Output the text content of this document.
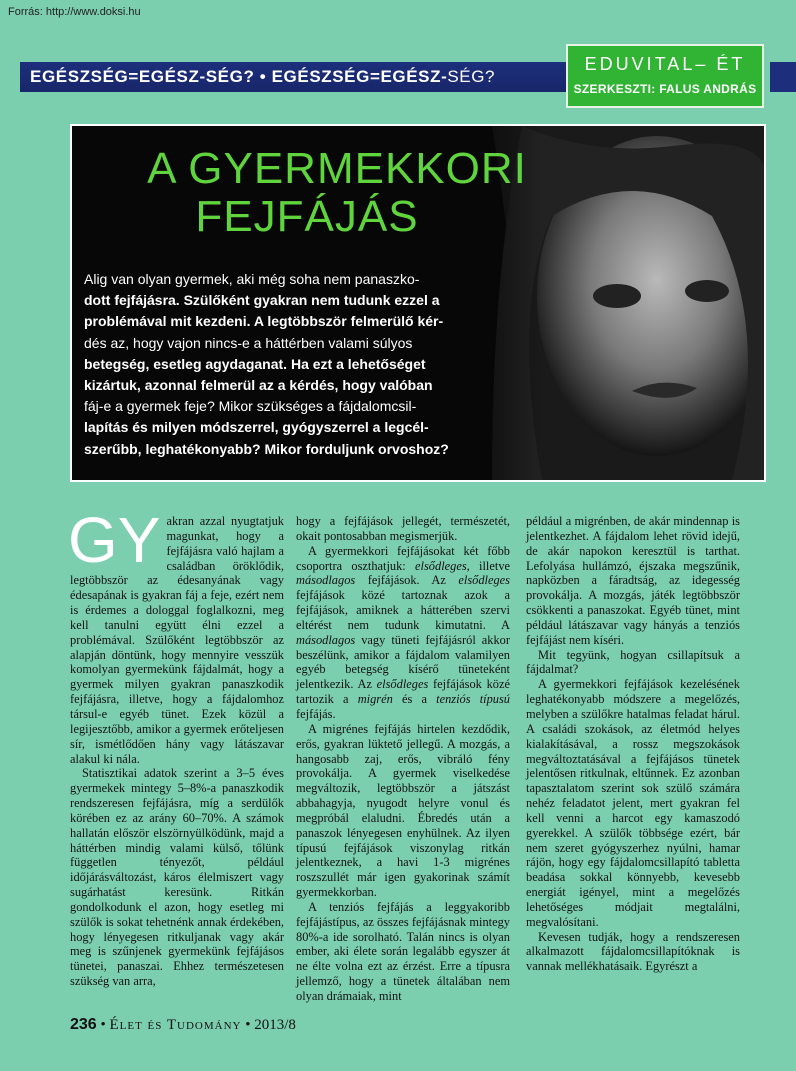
Forrás: http://www.doksi.hu
EGÉSZSÉG=EGÉSZ-SÉG? • EGÉSZSÉG=EGÉSZ-SÉG?
EDUVITAL– ÉT
SZERKESZTI: FALUS ANDRÁS
A GYERMEKKORI
FEJFÁJÁS
Alig van olyan gyermek, aki még soha nem panaszko-
dott fejfájásra. Szülőként gyakran nem tudunk ezzel a
problémával mit kezdeni. A legtöbbször felmerülő kér-
dés az, hogy vajon nincs-e a háttérben valami súlyos
betegség, esetleg agydaganat. Ha ezt a lehetőséget
kizártuk, azonnal felmerül az a kérdés, hogy valóban
fáj-e a gyermek feje? Mikor szükséges a fájdalomcsil-
lapítás és milyen módszerrel, gyógyszerrel a legcél-
szerűbb, leghatékonyabb? Mikor forduljunk orvoshoz?

GY akran azzal nyugtatjuk magunkat, hogy a fejfájásra való hajlam a családban öröklődik, legtöbbször az édesanyának vagy édesapának is gyakran fáj a feje, ezért nem is érdemes a dologgal foglalkozni, meg kell tanulni együtt élni ezzel a problémával. Szülőként legtöbbször az alapján döntünk, hogy mennyire vesszük komolyan gyermekünk fájdalmát, hogy a gyermek milyen gyakran panaszkodik fejfájásra, illetve, hogy a fájdalomhoz társul-e egyéb tünet. Ezek közül a legijesztőbb, amikor a gyermek erőteljesen sír, ismétlődően hány vagy látászavar alakul ki nála.

Statisztikai adatok szerint a 3–5 éves gyermekek mintegy 5–8%-a panaszkodik rendszeresen fejfájásra, míg a serdülők körében ez az arány 60–70%. A számok hallatán először elszörnyülködünk, majd a háttérben mindig valami külső, tőlünk független tényezőt, például időjárásváltozást, káros élelmiszert vagy sugárhatást keresünk. Ritkán gondolkodunk el azon, hogy esetleg mi szülők is sokat tehetnénk annak érdekében, hogy lényegesen ritkuljanak vagy akár meg is szűnjenek gyermekünk fejfájásos tünetei, panaszai. Ehhez természetesen szükség van arra,

hogy a fejfájások jellegét, természetét, okait pontosabban megismerjük.

A gyermekkori fejfájásokat két főbb csoportra oszthatjuk: elsődleges, illetve másodlagos fejfájások. Az elsődleges fejfájások közé tartoznak azok a fejfájások, amiknek a hátterében szervi eltérést nem tudunk kimutatni. A másodlagos vagy tüneti fejfájásról akkor beszélünk, amikor a fájdalom valamilyen egyéb betegség kísérő tüneteként jelentkezik. Az elsődleges fejfájások közé tartozik a migrén és a tenziós típusú fejfájás.

A migrénes fejfájás hirtelen kezdődik, erős, gyakran lüktető jellegű. A mozgás, a hangosabb zaj, erős, vibráló fény provokálja. A gyermek viselkedése megváltozik, legtöbbször a játszást abbahagyja, nyugodt helyre vonul és megpróbál elaludni. Ébredés után a panaszok lényegesen enyhülnek. Az ilyen típusú fejfájások viszonylag ritkán jelentkeznek, a havi 1-3 migrénes roszszullét már igen gyakorinak számít gyermekkorban.

A tenziós fejfájás a leggyakoribb fejfájástípus, az összes fejfájásnak mintegy 80%-a ide sorolható. Talán nincs is olyan ember, aki élete során legalább egyszer át ne élte volna ezt az érzést. Erre a típusra jellemző, hogy a tünetek általában nem olyan drámaiak, mint

például a migrénben, de akár mindennap is jelentkezhet. A fájdalom lehet rövid idejű, de akár napokon keresztül is tarthat. Lefolyása hullámzó, éjszaka megszűnik, napközben a fáradtság, az idegesség provokálja. A mozgás, játék legtöbbször csökkenti a panaszokat. Egyéb tünet, mint például látászavar vagy hányás a tenziós fejfájást nem kíséri.

Mit tegyünk, hogyan csillapítsuk a fájdalmat?

A gyermekkori fejfájások kezelésének leghatékonyabb módszere a megelőzés, melyben a szülőkre hatalmas feladat hárul. A családi szokások, az életmód helyes kialakításával, a rossz megszokások megváltoztatásával a fejfájásos tünetek jelentősen ritkulnak, eltűnnek. Ez azonban tapasztalatom szerint sok szülő számára nehéz feladatot jelent, mert gyakran fel kell venni a harcot egy kamaszodó gyerekkel. A szülők többsége ezért, bár nem szeret gyógyszerhez nyúlni, hamar rájön, hogy egy fájdalomcsillapító tabletta beadása sokkal könnyebb, kevesebb energiát igényel, mint a megelőzés lehetőséges módjait megtalálni, megvalósítani.

Kevesen tudják, hogy a rendszeresen alkalmazott fájdalomcsillapítóknak is vannak mellékhatásaik. Egyrészt a

236 • Élet és Tudomány • 2013/8
